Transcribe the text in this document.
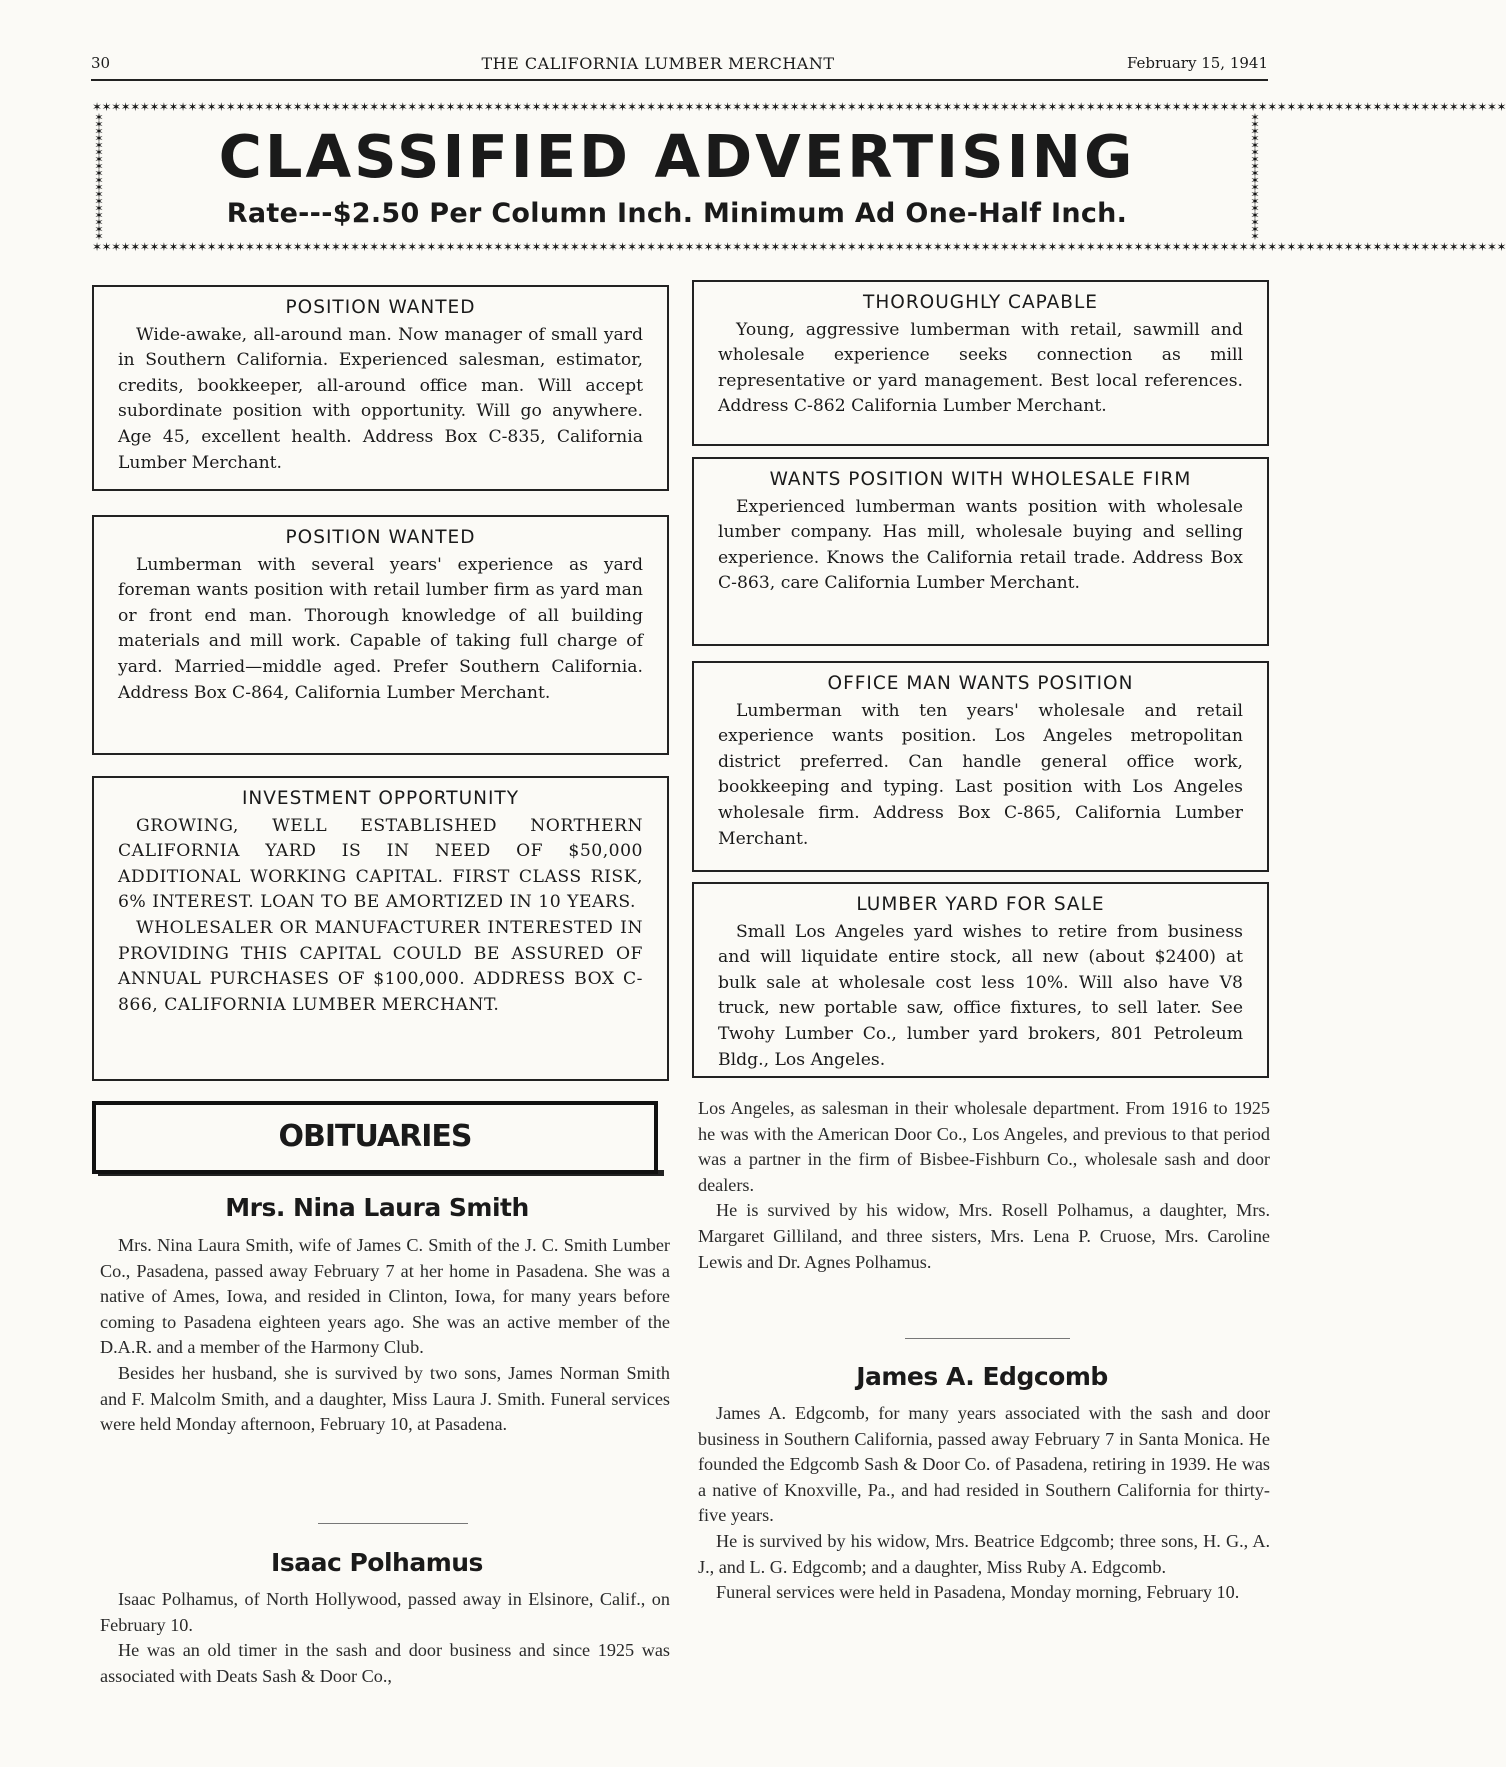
30	THE CALIFORNIA LUMBER MERCHANT	February 15, 1941
✶✶✶✶✶✶✶✶✶✶✶✶✶✶✶✶✶✶✶✶✶✶✶✶✶✶✶✶✶✶✶✶✶✶✶✶✶✶✶✶✶✶✶✶✶✶✶✶✶✶✶✶✶✶✶✶✶✶✶✶✶✶✶✶✶✶✶✶✶✶✶✶✶✶✶✶✶✶✶✶✶✶✶✶✶✶✶✶✶✶✶✶✶✶✶✶✶✶✶✶✶✶✶✶✶✶✶✶✶✶✶✶✶✶✶✶✶✶✶✶✶✶✶✶✶✶✶✶✶✶✶✶✶✶✶✶✶✶✶✶✶✶✶✶✶✶✶✶
✶✶✶✶✶✶✶✶✶✶✶✶✶✶✶✶✶✶✶✶✶✶✶✶✶✶✶✶✶✶✶✶✶✶✶✶✶✶✶✶✶✶✶✶✶✶✶✶✶✶✶✶✶✶✶✶✶✶✶✶✶✶✶✶✶✶✶✶✶✶✶✶✶✶✶✶✶✶✶✶✶✶✶✶✶✶✶✶✶✶✶✶✶✶✶✶✶✶✶✶✶✶✶✶✶✶✶✶✶✶✶✶✶✶✶✶✶✶✶✶✶✶✶✶✶✶✶✶✶✶✶✶✶✶✶✶✶✶✶✶✶✶✶✶✶✶✶✶
✶✶✶✶✶✶✶✶✶✶✶✶✶✶✶✶✶✶
✶✶✶✶✶✶✶✶✶✶✶✶✶✶✶✶✶✶
CLASSIFIED ADVERTISING
Rate---$2.50 Per Column Inch. Minimum Ad One-Half Inch.
POSITION WANTED
Wide-awake, all-around man. Now manager of small yard in Southern California. Experienced salesman, estimator, credits, bookkeeper, all-around office man. Will accept subordinate position with opportunity. Will go anywhere. Age 45, excellent health. Address Box C-835, California Lumber Merchant.
POSITION WANTED
Lumberman with several years' experience as yard foreman wants position with retail lumber firm as yard man or front end man. Thorough knowledge of all building materials and mill work. Capable of taking full charge of yard. Married—middle aged. Prefer Southern California. Address Box C-864, California Lumber Merchant.
INVESTMENT OPPORTUNITY

GROWING, WELL ESTABLISHED NORTHERN CALIFORNIA YARD IS IN NEED OF $50,000 ADDITIONAL WORKING CAPITAL. FIRST CLASS RISK, 6% INTEREST. LOAN TO BE AMORTIZED IN 10 YEARS.

WHOLESALER OR MANUFACTURER INTERESTED IN PROVIDING THIS CAPITAL COULD BE ASSURED OF ANNUAL PURCHASES OF $100,000. ADDRESS BOX C-866, CALIFORNIA LUMBER MERCHANT.

THOROUGHLY CAPABLE
Young, aggressive lumberman with retail, sawmill and wholesale experience seeks connection as mill representative or yard management. Best local references. Address C-862 California Lumber Merchant.
WANTS POSITION WITH WHOLESALE FIRM
Experienced lumberman wants position with wholesale lumber company. Has mill, wholesale buying and selling experience. Knows the California retail trade. Address Box C-863, care California Lumber Merchant.
OFFICE MAN WANTS POSITION
Lumberman with ten years' wholesale and retail experience wants position. Los Angeles metropolitan district preferred. Can handle general office work, bookkeeping and typing. Last position with Los Angeles wholesale firm. Address Box C-865, California Lumber Merchant.
LUMBER YARD FOR SALE
Small Los Angeles yard wishes to retire from business and will liquidate entire stock, all new (about $2400) at bulk sale at wholesale cost less 10%. Will also have V8 truck, new portable saw, office fixtures, to sell later. See Twohy Lumber Co., lumber yard brokers, 801 Petroleum Bldg., Los Angeles.
OBITUARIES
Mrs. Nina Laura Smith

Mrs. Nina Laura Smith, wife of James C. Smith of the J. C. Smith Lumber Co., Pasadena, passed away February 7 at her home in Pasadena. She was a native of Ames, Iowa, and resided in Clinton, Iowa, for many years before coming to Pasadena eighteen years ago. She was an active member of the D.A.R. and a member of the Harmony Club.

Besides her husband, she is survived by two sons, James Norman Smith and F. Malcolm Smith, and a daughter, Miss Laura J. Smith. Funeral services were held Monday afternoon, February 10, at Pasadena.

Isaac Polhamus

Isaac Polhamus, of North Hollywood, passed away in Elsinore, Calif., on February 10.

He was an old timer in the sash and door business and since 1925 was associated with Deats Sash & Door Co.,

Los Angeles, as salesman in their wholesale department. From 1916 to 1925 he was with the American Door Co., Los Angeles, and previous to that period was a partner in the firm of Bisbee-Fishburn Co., wholesale sash and door dealers.

He is survived by his widow, Mrs. Rosell Polhamus, a daughter, Mrs. Margaret Gilliland, and three sisters, Mrs. Lena P. Cruose, Mrs. Caroline Lewis and Dr. Agnes Polhamus.

James A. Edgcomb

James A. Edgcomb, for many years associated with the sash and door business in Southern California, passed away February 7 in Santa Monica. He founded the Edgcomb Sash & Door Co. of Pasadena, retiring in 1939. He was a native of Knoxville, Pa., and had resided in Southern California for thirty-five years.

He is survived by his widow, Mrs. Beatrice Edgcomb; three sons, H. G., A. J., and L. G. Edgcomb; and a daughter, Miss Ruby A. Edgcomb.

Funeral services were held in Pasadena, Monday morning, February 10.
